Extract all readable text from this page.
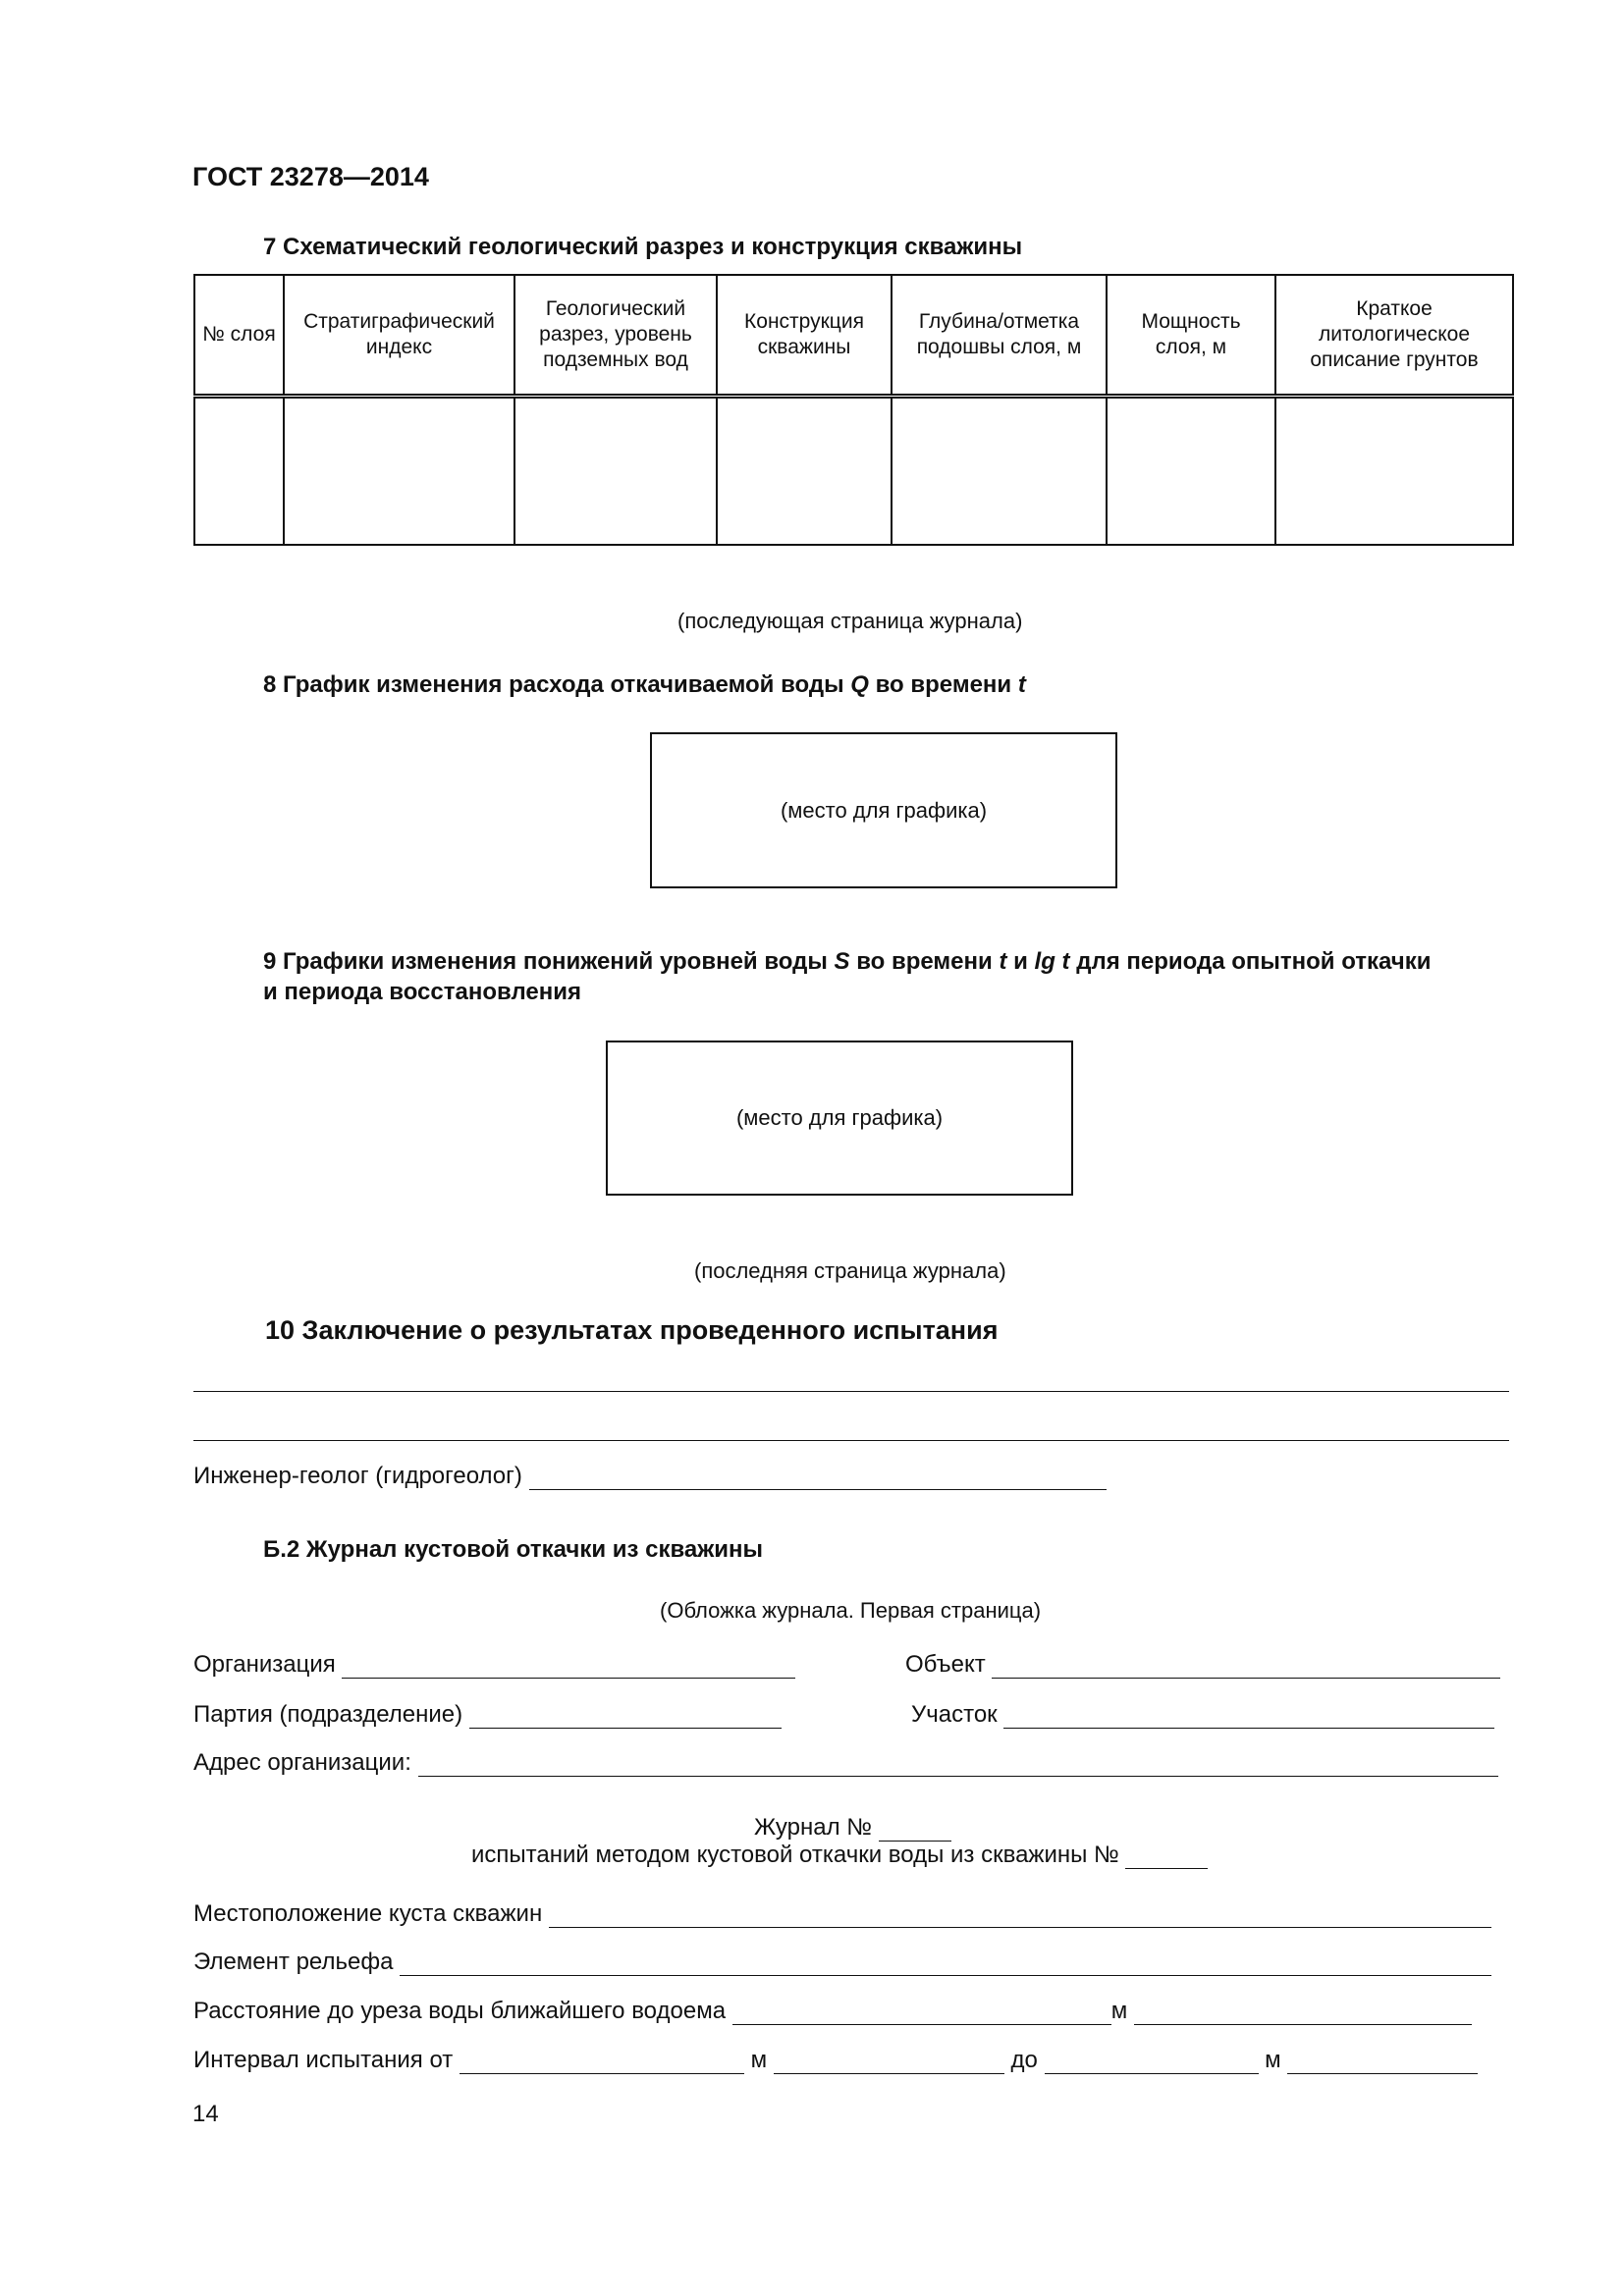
ГОСТ 23278—2014
7 Схематический геологический разрез и конструкция скважины
№ слоя	Стратиграфический индекс	Геологический разрез, уровень подземных вод	Конструкция скважины	Глубина/отметка подошвы слоя, м	Мощность слоя, м	Краткое литологическое описание грунтов

(последующая страница журнала)
8 График изменения расхода откачиваемой воды Q во времени t
(место для графика)
9 Графики изменения понижений уровней воды S во времени t и lg t для периода опытной откачки
и периода восстановления
(место для графика)
(последняя страница журнала)
10 Заключение о результатах проведенного испытания
Инженер-геолог (гидрогеолог)
Б.2 Журнал кустовой откачки из скважины
(Обложка журнала. Первая страница)
Организация	Объект
Партия (подразделение)	Участок
Адрес организации:
Журнал №
испытаний методом кустовой откачки воды из скважины №
Местоположение куста скважин
Элемент рельефа
Расстояние до уреза воды ближайшего водоема	м
Интервал испытания от	м	до	м
14
